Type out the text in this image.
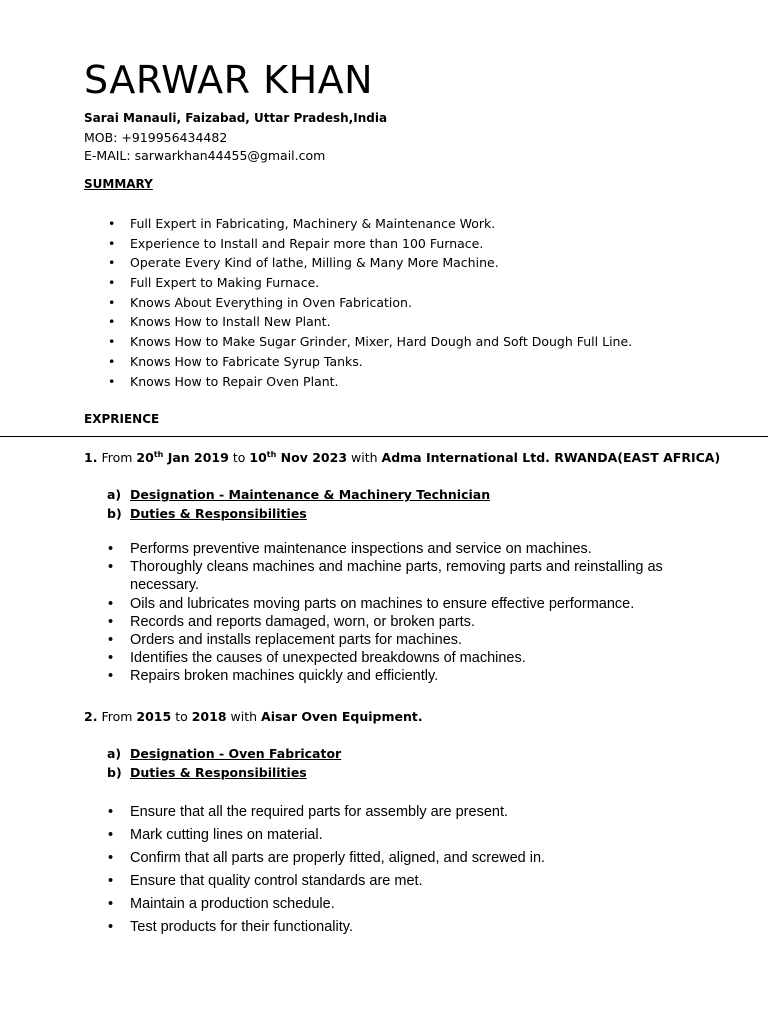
SARWAR KHAN
Sarai Manauli, Faizabad, Uttar Pradesh,India
MOB: +919956434482
E-MAIL: sarwarkhan44455@gmail.com
SUMMARY
• Full Expert in Fabricating, Machinery & Maintenance Work.
• Experience to Install and Repair more than 100 Furnace.
• Operate Every Kind of lathe, Milling & Many More Machine.
• Full Expert to Making Furnace.
• Knows About Everything in Oven Fabrication.
• Knows How to Install New Plant.
• Knows How to Make Sugar Grinder, Mixer, Hard Dough and Soft Dough Full Line.
• Knows How to Fabricate Syrup Tanks.
• Knows How to Repair Oven Plant.
EXPRIENCE
1. From 20th Jan 2019 to 10th Nov 2023 with Adma International Ltd. RWANDA(EAST AFRICA)
a) Designation - Maintenance & Machinery Technician
b) Duties & Responsibilities
• Performs preventive maintenance inspections and service on machines.
• Thoroughly cleans machines and machine parts, removing parts and reinstalling as
necessary.
• Oils and lubricates moving parts on machines to ensure effective performance.
• Records and reports damaged, worn, or broken parts.
• Orders and installs replacement parts for machines.
• Identifies the causes of unexpected breakdowns of machines.
• Repairs broken machines quickly and efficiently.
2. From 2015 to 2018 with Aisar Oven Equipment.
a) Designation - Oven Fabricator
b) Duties & Responsibilities
• Ensure that all the required parts for assembly are present.
• Mark cutting lines on material.
• Confirm that all parts are properly fitted, aligned, and screwed in.
• Ensure that quality control standards are met.
• Maintain a production schedule.
• Test products for their functionality.
